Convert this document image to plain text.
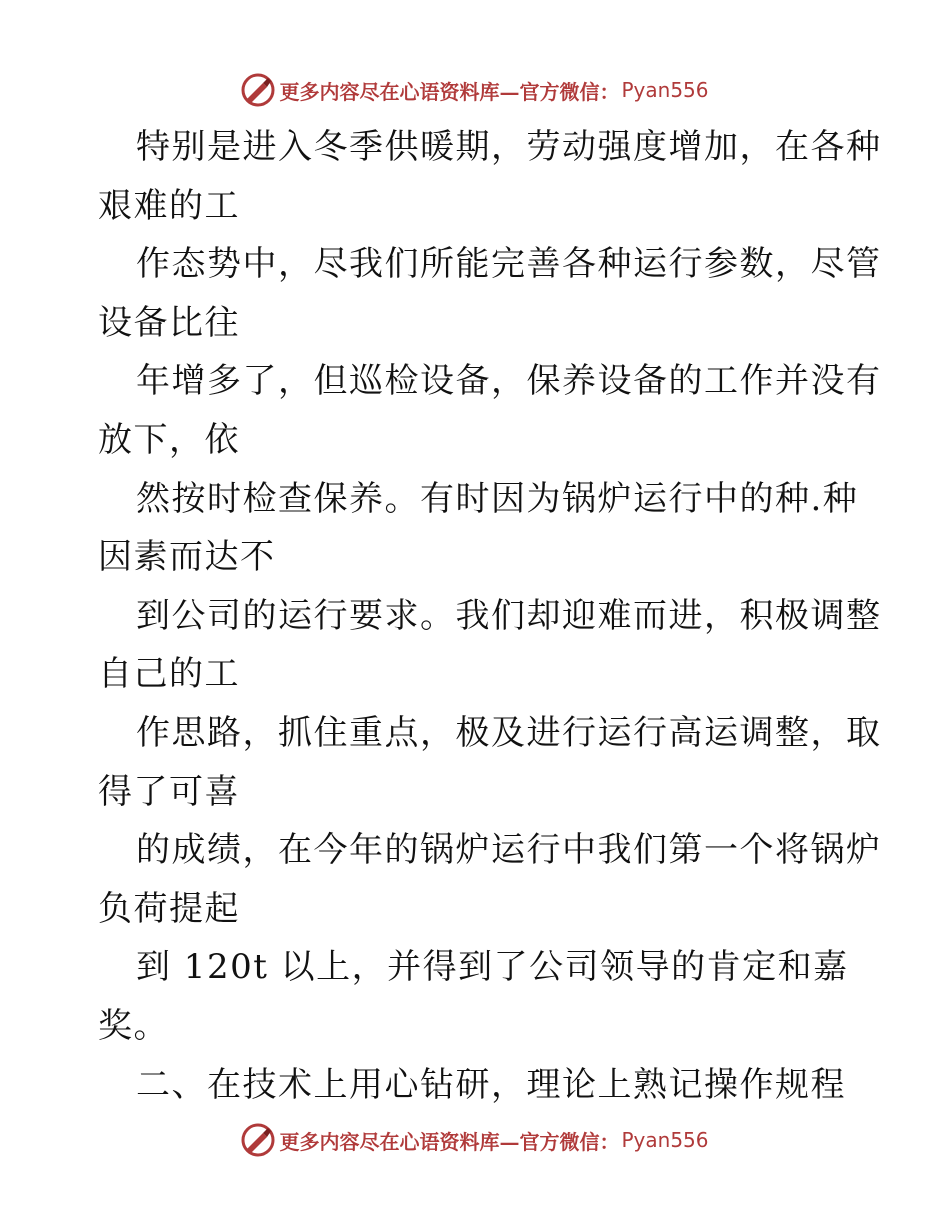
更多内容尽在心语资料库—官方微信： Pyan556
特别是进入冬季供暖期，劳动强度增加，在各种
艰难的工
作态势中，尽我们所能完善各种运行参数，尽管
设备比往
年增多了，但巡检设备，保养设备的工作并没有
放下，依
然按时检查保养。有时因为锅炉运行中的种.种
因素而达不
到公司的运行要求。我们却迎难而进，积极调整
自己的工
作思路，抓住重点，极及进行运行高运调整，取
得了可喜
的成绩，在今年的锅炉运行中我们第一个将锅炉
负荷提起
到 120t 以上，并得到了公司领导的肯定和嘉
奖。
二、在技术上用心钻研，理论上熟记操作规程
更多内容尽在心语资料库—官方微信： Pyan556
